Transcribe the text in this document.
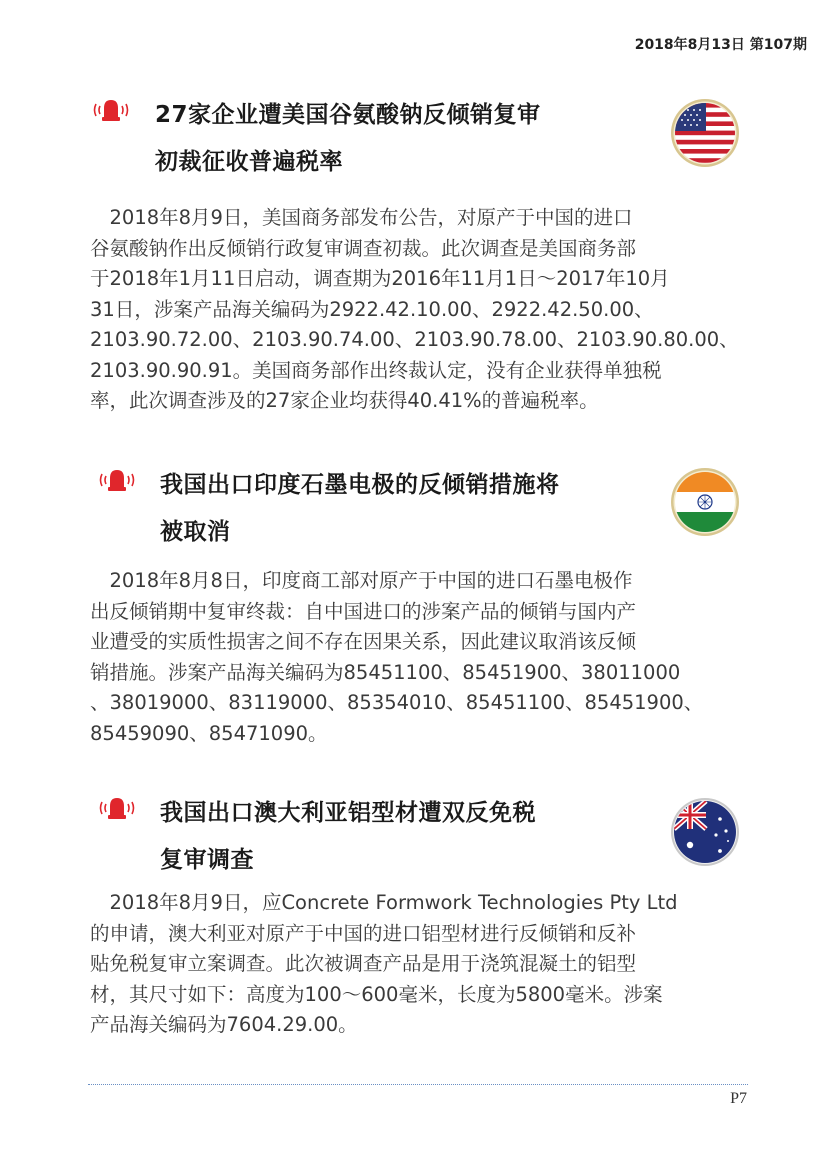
2018年8月13日 第107期
27家企业遭美国谷氨酸钠反倾销复审
初裁征收普遍税率
　2018年8月9日，美国商务部发布公告，对原产于中国的进口
谷氨酸钠作出反倾销行政复审调查初裁。此次调查是美国商务部
于2018年1月11日启动，调查期为2016年11月1日～2017年10月
31日，涉案产品海关编码为2922.42.10.00、2922.42.50.00、
2103.90.72.00、2103.90.74.00、2103.90.78.00、2103.90.80.00、
2103.90.90.91。美国商务部作出终裁认定，没有企业获得单独税
率，此次调查涉及的27家企业均获得40.41%的普遍税率。
我国出口印度石墨电极的反倾销措施将
被取消
　2018年8月8日，印度商工部对原产于中国的进口石墨电极作
出反倾销期中复审终裁：自中国进口的涉案产品的倾销与国内产
业遭受的实质性损害之间不存在因果关系，因此建议取消该反倾
销措施。涉案产品海关编码为85451100、85451900、38011000
、38019000、83119000、85354010、85451100、85451900、
85459090、85471090。
我国出口澳大利亚铝型材遭双反免税
复审调查
　2018年8月9日，应Concrete Formwork Technologies Pty Ltd
的申请，澳大利亚对原产于中国的进口铝型材进行反倾销和反补
贴免税复审立案调查。此次被调查产品是用于浇筑混凝土的铝型
材，其尺寸如下：高度为100～600毫米，长度为5800毫米。涉案
产品海关编码为7604.29.00。
P7
